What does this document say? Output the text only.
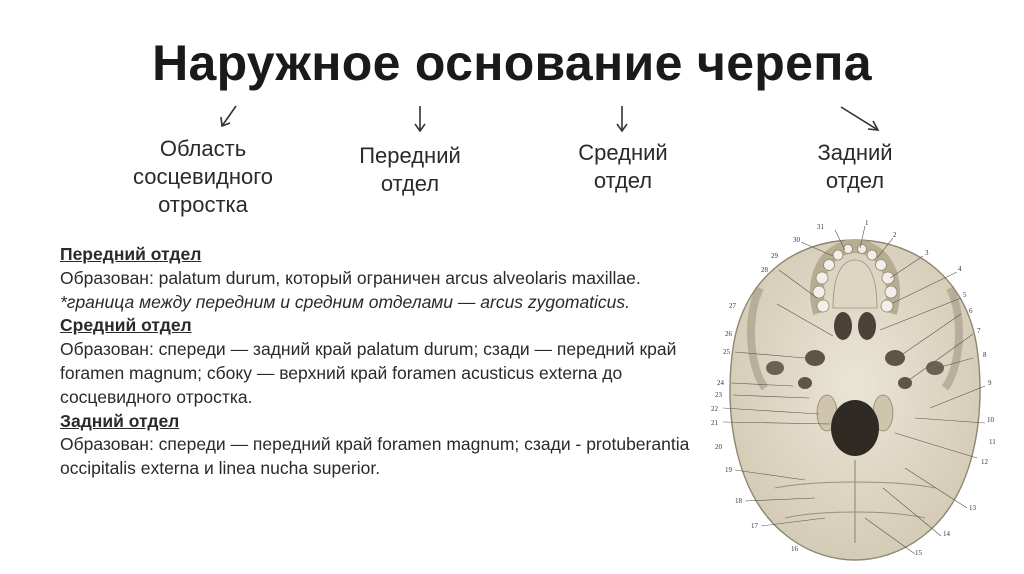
Наружное основание черепа
Область
сосцевидного
отростка
Передний
отдел
Средний
отдел
Задний
отдел

Передний отдел

Образован: palatum durum, который ограничен arcus alveolaris maxillae.

*граница между передним и средним отделами — arcus zygomaticus.

Средний отдел

Образован: спереди — задний край palatum durum; сзади — передний край foramen magnum; сбоку — верхний край foramen acusticus externa до сосцевидного отростка.

Задний отдел

Образован: спереди — передний край foramen magnum; сзади - protuberantia occipitalis externa и linea nucha superior.

31
30
29
28
27
26
25
24
23
22
21
20
19
18
17
16
1
2
3
4
5
6
7
8
9
10
11
12
13
14
15
